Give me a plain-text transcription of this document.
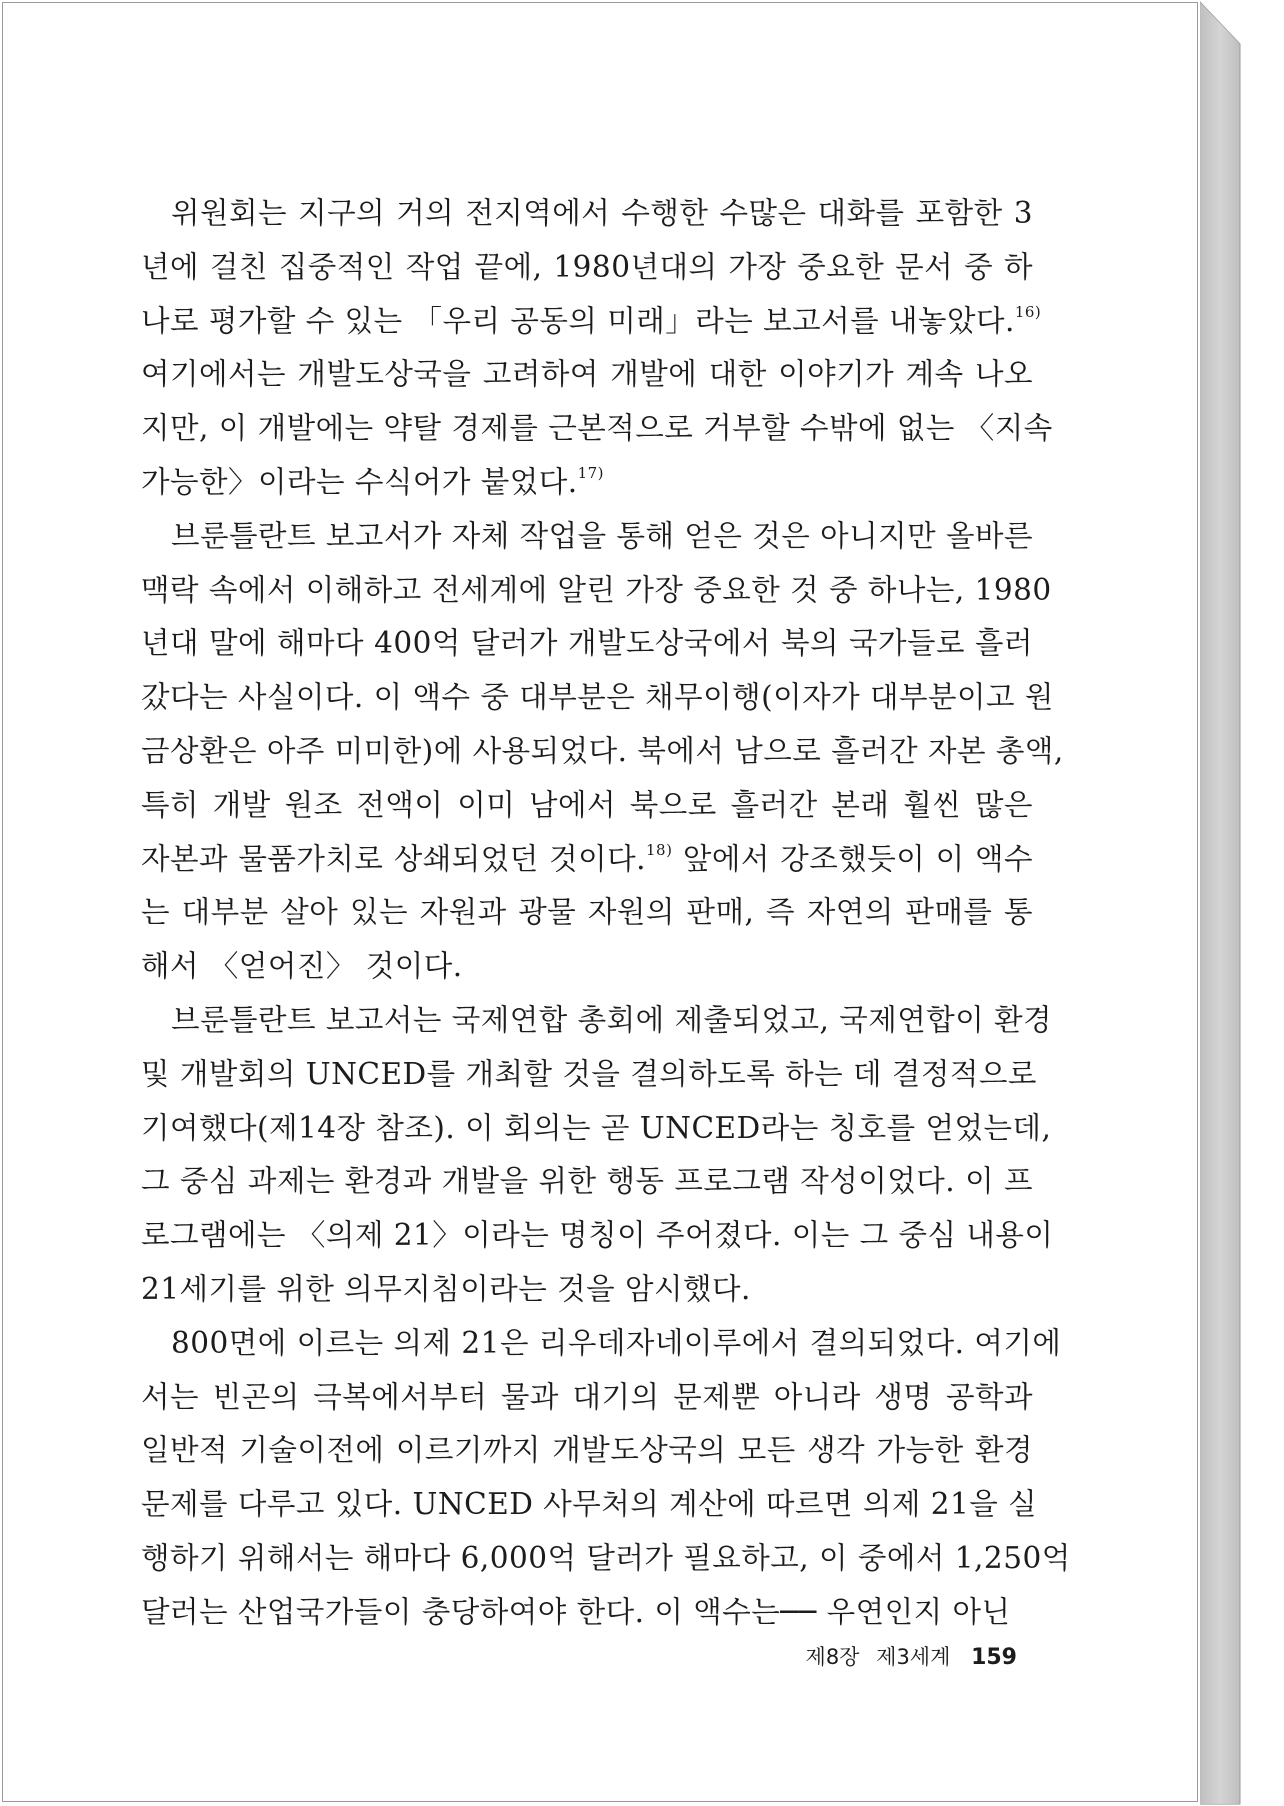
위원회는 지구의 거의 전지역에서 수행한 수많은 대화를 포함한 3
년에 걸친 집중적인 작업 끝에, 1980년대의 가장 중요한 문서 중 하
나로 평가할 수 있는 「우리 공동의 미래」라는 보고서를 내놓았다.$^{16)}$
여기에서는 개발도상국을 고려하여 개발에 대한 이야기가 계속 나오
지만, 이 개발에는 약탈 경제를 근본적으로 거부할 수밖에 없는 〈지속
가능한〉이라는 수식어가 붙었다.$^{17)}$
브룬틀란트 보고서가 자체 작업을 통해 얻은 것은 아니지만 올바른
맥락 속에서 이해하고 전세계에 알린 가장 중요한 것 중 하나는, 1980
년대 말에 해마다 400억 달러가 개발도상국에서 북의 국가들로 흘러
갔다는 사실이다. 이 액수 중 대부분은 채무이행(이자가 대부분이고 원
금상환은 아주 미미한)에 사용되었다. 북에서 남으로 흘러간 자본 총액,
특히 개발 원조 전액이 이미 남에서 북으로 흘러간 본래 훨씬 많은
자본과 물품가치로 상쇄되었던 것이다.$^{18)}$ 앞에서 강조했듯이 이 액수
는 대부분 살아 있는 자원과 광물 자원의 판매, 즉 자연의 판매를 통
해서 〈얻어진〉 것이다.
브룬틀란트 보고서는 국제연합 총회에 제출되었고, 국제연합이 환경
및 개발회의 UNCED를 개최할 것을 결의하도록 하는 데 결정적으로
기여했다(제14장 참조). 이 회의는 곧 UNCED라는 칭호를 얻었는데,
그 중심 과제는 환경과 개발을 위한 행동 프로그램 작성이었다. 이 프
로그램에는 〈의제 21〉이라는 명칭이 주어졌다. 이는 그 중심 내용이
21세기를 위한 의무지침이라는 것을 암시했다.
800면에 이르는 의제 21은 리우데자네이루에서 결의되었다. 여기에
서는 빈곤의 극복에서부터 물과 대기의 문제뿐 아니라 생명 공학과
일반적 기술이전에 이르기까지 개발도상국의 모든 생각 가능한 환경
문제를 다루고 있다. UNCED 사무처의 계산에 따르면 의제 21을 실
행하기 위해서는 해마다 6,000억 달러가 필요하고, 이 중에서 1,250억
달러는 산업국가들이 충당하여야 한다. 이 액수는── 우연인지 아닌
제8장 제3세계 159
